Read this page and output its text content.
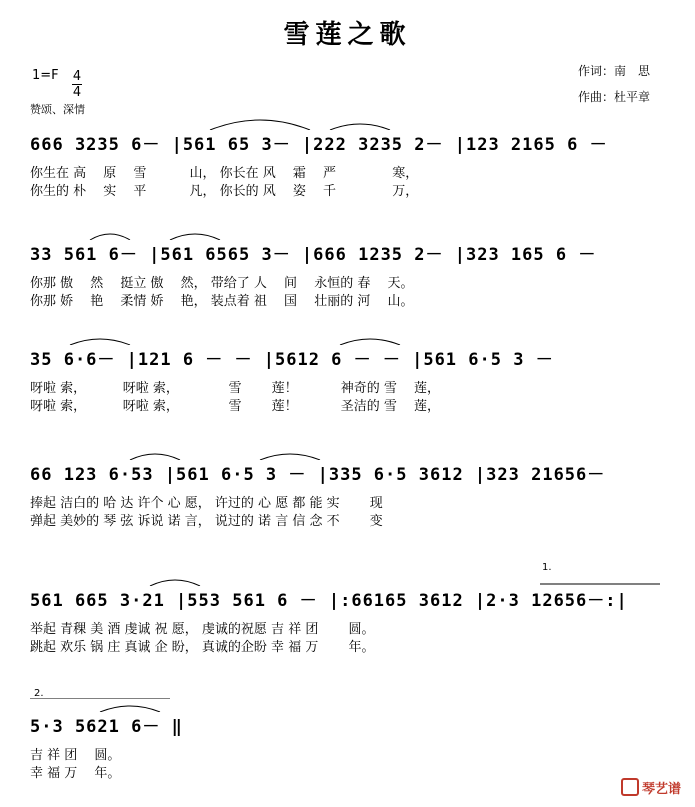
雪莲之歌
作词：南　思
作曲：杜平章
1=F 4
4
赞颂、深情
666 3235 6－ |561 65 3－ |222 3235 2－ |123 2165 6 －
你生在 高　 原　 雪　　　 山， 你长在 风　 霜　 严　　　　 寒，
你生的 朴　 实　 平　　　 凡， 你长的 风　 姿　 千　　　　 万，
33 561 6－ |561 6565 3－ |666 1235 2－ |323 165 6 －
你那 傲　 然　 挺立 傲　 然， 带给了 人　 间　 永恒的 春　 天。
你那 娇　 艳　 柔情 娇　 艳， 装点着 祖　 国　 壮丽的 河　 山。
35 6·6－ |121 6 － － |5612 6 － － |561 6·5 3 －
呀啦 索，　　　 呀啦 索，　　　　 雪　　 莲！　　　 神奇的 雪　 莲，
呀啦 索，　　　 呀啦 索，　　　　 雪　　 莲！　　　 圣洁的 雪　 莲，
66 123 6·53 |561 6·5 3 － |335 6·5 3612 |323 21656－
捧起 洁白的 哈 达 许个 心 愿， 许过的 心 愿 都 能 实　　 现
弹起 美妙的 琴 弦 诉说 诺 言， 说过的 诺 言 信 念 不　　 变
1.
561 665 3·21 |553 561 6 － |:66165 3612 |2·3 12656－:|
举起 青稞 美 酒 虔诚 祝 愿， 虔诚的祝愿 吉 祥 团　　 圆。
跳起 欢乐 锅 庄 真诚 企 盼， 真诚的企盼 幸 福 万　　 年。
2.
5·3 5621 6－ ‖
吉 祥 团　 圆。
幸 福 万　 年。
琴艺谱
